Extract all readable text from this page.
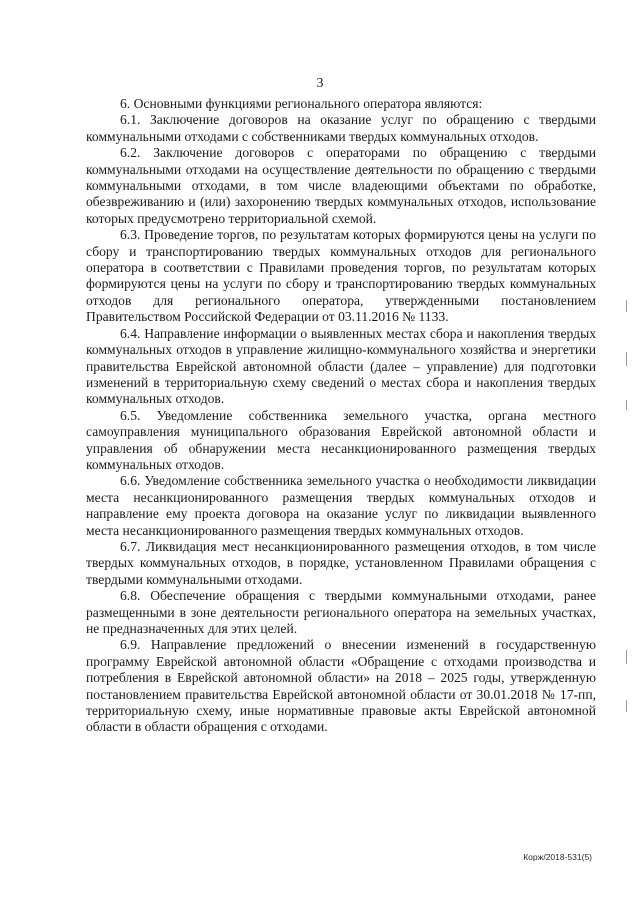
3

6. Основными функциями регионального оператора являются:

6.1. Заключение договоров на оказание услуг по обращению с твердыми коммунальными отходами с собственниками твердых коммунальных отходов.

6.2. Заключение договоров с операторами по обращению с твердыми коммунальными отходами на осуществление деятельности по обращению с твердыми коммунальными отходами, в том числе владеющими объектами по обработке, обезвреживанию и (или) захоронению твердых коммунальных отходов, использование которых предусмотрено территориальной схемой.

6.3. Проведение торгов, по результатам которых формируются цены на услуги по сбору и транспортированию твердых коммунальных отходов для регионального оператора в соответствии с Правилами проведения торгов, по результатам которых формируются цены на услуги по сбору и транспортированию твердых коммунальных отходов для регионального оператора, утвержденными постановлением Правительством Российской Федерации от 03.11.2016 № 1133.

6.4. Направление информации о выявленных местах сбора и накопления твердых коммунальных отходов в управление жилищно-коммунального хозяйства и энергетики правительства Еврейской автономной области (далее – управление) для подготовки изменений в территориальную схему сведений о местах сбора и накопления твердых коммунальных отходов.

6.5. Уведомление собственника земельного участка, органа местного самоуправления муниципального образования Еврейской автономной области и управления об обнаружении места несанкционированного размещения твердых коммунальных отходов.

6.6. Уведомление собственника земельного участка о необходимости ликвидации места несанкционированного размещения твердых коммунальных отходов и направление ему проекта договора на оказание услуг по ликвидации выявленного места несанкционированного размещения твердых коммунальных отходов.

6.7. Ликвидация мест несанкционированного размещения отходов, в том числе твердых коммунальных отходов, в порядке, установленном Правилами обращения с твердыми коммунальными отходами.

6.8. Обеспечение обращения с твердыми коммунальными отходами, ранее размещенными в зоне деятельности регионального оператора на земельных участках, не предназначенных для этих целей.

6.9. Направление предложений о внесении изменений в государственную программу Еврейской автономной области «Обращение с отходами производства и потребления в Еврейской автономной области» на 2018 – 2025 годы, утвержденную постановлением правительства Еврейской автономной области от 30.01.2018 № 17-пп, территориальную схему, иные нормативные правовые акты Еврейской автономной области в области обращения с отходами.

Корж/2018-531(5)
